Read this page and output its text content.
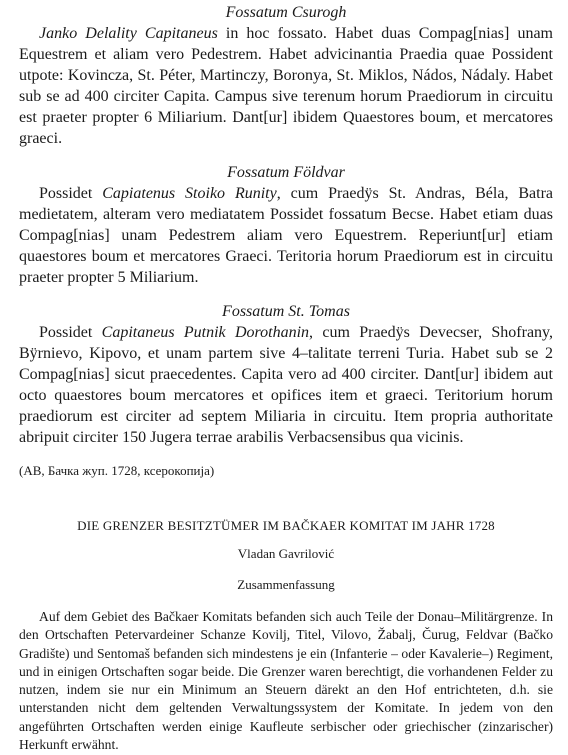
Fossatum Csurogh

Janko Delality Capitaneus in hoc fossato. Habet duas Compag[nias] unam Equestrem et aliam vero Pedestrem. Habet advicinantia Praedia quae Possident utpote: Kovincza, St. Péter, Martinczy, Boronya, St. Miklos, Nádos, Nádaly. Habet sub se ad 400 circiter Capita. Campus sive terenum horum Praediorum in circuitu est praeter propter 6 Miliarium. Dant[ur] ibidem Quaestores boum, et mercatores graeci.

Fossatum Földvar

Possidet Capiatenus Stoiko Runity, cum Praedÿs St. Andras, Béla, Batra medietatem, alteram vero mediatatem Possidet fossatum Becse. Habet etiam duas Compag[nias] unam Pedestrem aliam vero Equestrem. Reperiunt[ur] etiam quaestores boum et mercatores Graeci. Teritoria horum Praediorum est in circuitu praeter propter 5 Miliarium.

Fossatum St. Tomas

Possidet Capitaneus Putnik Dorothanin, cum Praedÿs Devecser, Shofrany, Bÿrnievo, Kipovo, et unam partem sive 4–talitate terreni Turia. Habet sub se 2 Compag[nias] sicut praecedentes. Capita vero ad 400 circiter. Dant[ur] ibidem aut octo quaestores boum mercatores et opifices item et graeci. Teritorium horum praediorum est circiter ad septem Miliaria in circuitu. Item propria authoritate abripuit circiter 150 Jugera terrae arabilis Verbacsensibus qua vicinis.

(АВ, Бачка жуп. 1728, ксерокопија)

DIE GRENZER BESITZTÜMER IM BAČKAER KOMITAT IM JAHR 1728

Vladan Gavrilović

Zusammenfassung

Auf dem Gebiet des Bačkaer Komitats befanden sich auch Teile der Donau–Militärgrenze. In den Ortschaften Petervardeiner Schanze Kovilj, Titel, Vilovo, Žabalj, Čurug, Feldvar (Bačko Gradište) und Sentomaš befanden sich mindestens je ein (Infanterie – oder Kavalerie–) Regiment, und in einigen Ortschaften sogar beide. Die Grenzer waren berechtigt, die vorhandenen Felder zu nutzen, indem sie nur ein Minimum an Steuern därekt an den Hof entrichteten, d.h. sie unterstanden nicht dem geltenden Verwaltungssystem der Komitate. In jedem von den angeführten Ortschaften werden einige Kaufleute serbischer oder griechischer (zinzarischer) Herkunft erwähnt.
